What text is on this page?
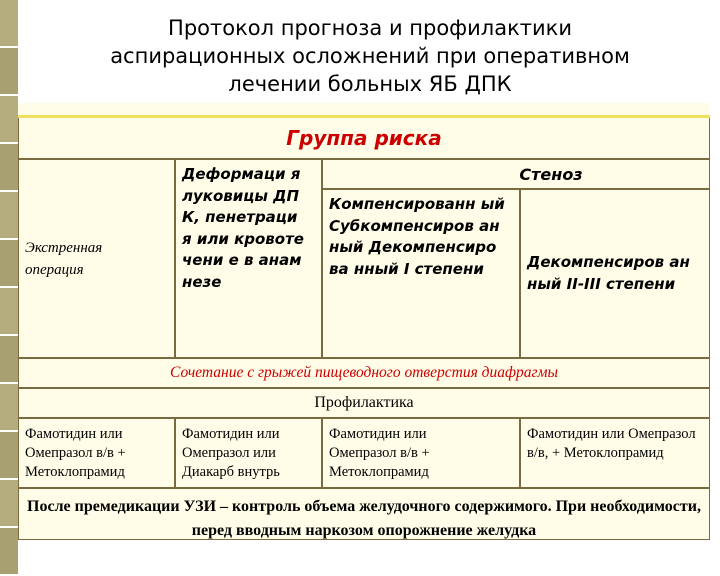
Протокол прогноза и профилактики
аспирационных осложнений при оперативном
лечении больных ЯБ ДПК
Группа риска
Экстренная операция
Деформаци я луковицы ДПК, пенетрация или кровотечени е в анамнезе
Стеноз
Компенсированн ый Субкомпенсиров анный Декомпенсирова нный I степени	Декомпенсиров анный II-III степени
Сочетание с грыжей пищеводного отверстия диафрагмы
Профилактика
Фамотидин или Омепразол в/в + Метоклопрамид
Фамотидин или Омепразол или Диакарб внутрь
Фамотидин или Омепразол в/в + Метоклопрамид
Фамотидин или Омепразол в/в, + Метоклопрамид
После премедикации УЗИ – контроль объема желудочного содержимого. При необходимости, перед вводным наркозом опорожнение желудка
